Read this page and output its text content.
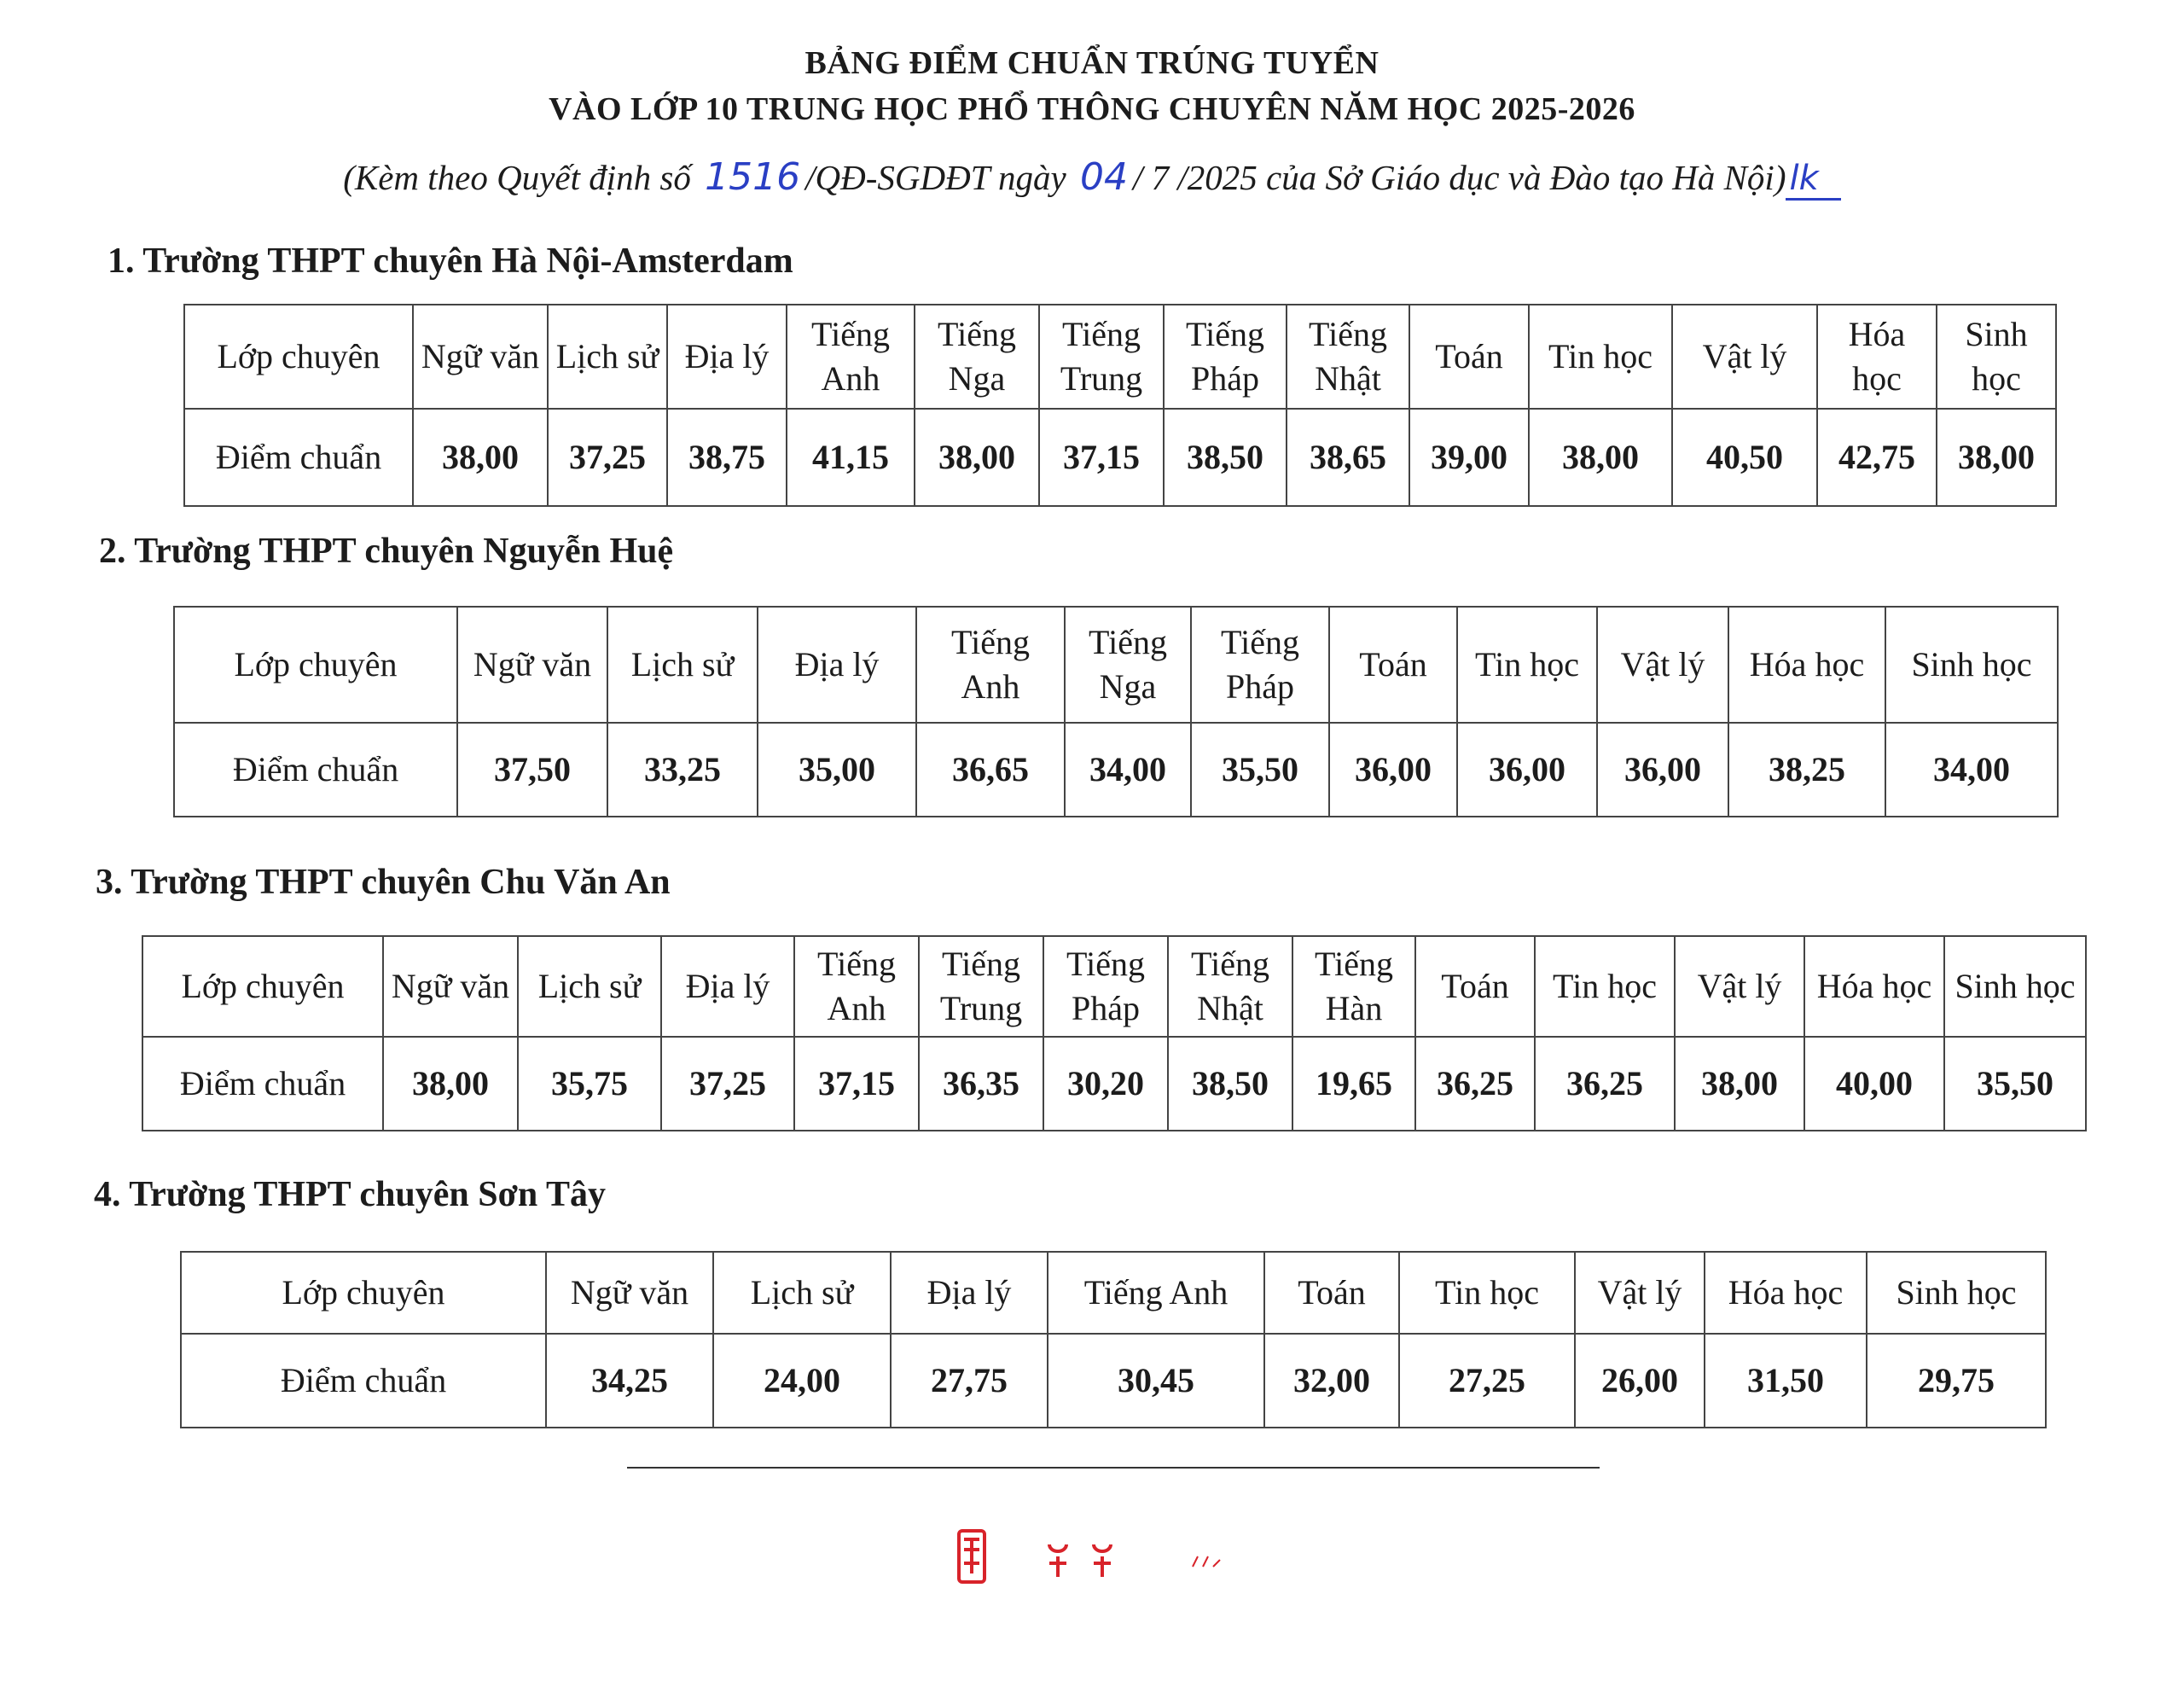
BẢNG ĐIỂM CHUẨN TRÚNG TUYỂN
VÀO LỚP 10 TRUNG HỌC PHỔ THÔNG CHUYÊN NĂM HỌC 2025-2026
(Kèm theo Quyết định số 1516 /QĐ-SGDĐT ngày 04 / 7 /2025 của Sở Giáo dục và Đào tạo Hà Nội) lk
1. Trường THPT chuyên Hà Nội-Amsterdam
Lớp chuyên	Ngữ văn	Lịch sử	Địa lý	Tiếng Anh	Tiếng Nga	Tiếng Trung	Tiếng Pháp	Tiếng Nhật	Toán	Tin học	Vật lý	Hóa học	Sinh học
Điểm chuẩn	38,00	37,25	38,75	41,15	38,00	37,15	38,50	38,65	39,00	38,00	40,50	42,75	38,00
2. Trường THPT chuyên Nguyễn Huệ
Lớp chuyên	Ngữ văn	Lịch sử	Địa lý	Tiếng Anh	Tiếng Nga	Tiếng Pháp	Toán	Tin học	Vật lý	Hóa học	Sinh học
Điểm chuẩn	37,50	33,25	35,00	36,65	34,00	35,50	36,00	36,00	36,00	38,25	34,00
3. Trường THPT chuyên Chu Văn An
Lớp chuyên	Ngữ văn	Lịch sử	Địa lý	Tiếng Anh	Tiếng Trung	Tiếng Pháp	Tiếng Nhật	Tiếng Hàn	Toán	Tin học	Vật lý	Hóa học	Sinh học
Điểm chuẩn	38,00	35,75	37,25	37,15	36,35	30,20	38,50	19,65	36,25	36,25	38,00	40,00	35,50
4. Trường THPT chuyên Sơn Tây
Lớp chuyên	Ngữ văn	Lịch sử	Địa lý	Tiếng Anh	Toán	Tin học	Vật lý	Hóa học	Sinh học
Điểm chuẩn	34,25	24,00	27,75	30,45	32,00	27,25	26,00	31,50	29,75
